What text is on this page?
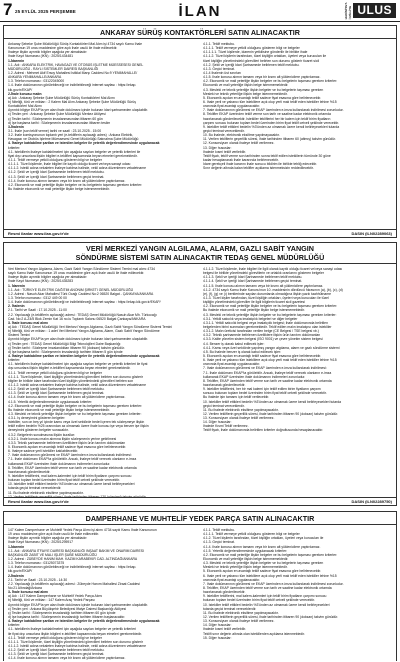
7 25 EYLÜL 2025 PERŞEMBE	İLAN	HAKİMİYET-İ MİLLİYE ULUS
ANKARAY SÜRÜŞ KONTAKTÖRLERİ SATIN ALINACAKTIR
Ankaray Şebeke Şube Müdürlüğü Sürüş Kontaktörleri Mal Alım işi 4734 sayılı Kamu İhale
Kanununun 19 uncu maddesine göre açık ihale usulü ile ihale edilecektir.
İhaleye ilişkin ayrıntılı bilgiler aşağıda yer almaktadır:
İhale Kayıt Numarası (İKN) : 2025/1434481
1-İdarenin
1.1. Adı : ANKARA ELEKTRİK, HAVAGAZI VE OTOBÜS İŞLETME MÜESSESESİ GENEL
MÜDÜRLÜĞÜ - RAYLI SİSTEMLER DAİRESİ BAŞKANLIĞI
1.2. Adresi : Mehmet Akif Ersoy Mahallesi İstiklal Marşı Caddesi No:9 YENİMAHALLE/
ANKARA YENİMAHALLE/ANKARA
1.3. Telefon numarası : 03122045000
1.4. İhale dokümanının görülebileceği ve indirilebileceği internet sayfası : https://ekap.
kik.gov.tr/EKAP/
2-İhale konusu malın
a) Adı : Ankaray Şebeke Şube Müdürlüğü Sürüş Kontaktörleri Mal Alımı
b) Niteliği, türü ve miktarı : 2 Kalem Mal Alım Ankaray Şebeke Şube Müdürlüğü Sürüş
Kontaktörleri Mal Alımı
Ayrıntılı bilgiye EKAP'ta yer alan ihale dokümanı içinde bulunan idari şartnameden ulaşılabilir.
c) Teslim yeri : Ankaray Şebeke Şube Müdürlüğü Merkez Atölyesi
ç) Teslim tarihi : Sözleşmenin imzalanmasından itibaren 60 gün
d) İşe başlama tarihi : Sözleşmenin imzalanmasından itibaren teslim
3-İhalenin
3.1. İhale (son teklif verme) tarihi ve saati : 23.10.2025 - 15:00
3.2. İhale komisyonunun toplantı yeri (e-tekliflerin açılacağı adres) : Ankara Elektrik,
Havagazı ve Otobüs İşletme Müessesesi Genel Müdürlüğü Satınalma Şube Müdürlüğü
4. İhaleye katılabilme şartları ve istenilen belgeler ile yeterlik değerlendirmesinde uygulanacak
kriterler:
4.1. İsteklilerin ihaleye katılabilmeleri için aşağıda sayılan belgeler ve yeterlik kriterleri ile
fiyat dışı unsurlara ilişkin bilgileri e-teklifleri kapsamında beyan etmeleri gerekmektedir.
4.1.1. Teklif vermeye yetkili olduğunu gösteren bilgi ve belgeler
4.1.1.1. Tüzel kişilerde, ihale bilgileri ile kayıtlı olduğu ticaret ve/veya sanayi odası
4.1.1.2. İstekli adına vekaleten ihaleye katılma halinde, vekil adına düzenlenen vekaletname
4.1.2. Şekli ve içeriği İdari Şartnamede belirlenen teklif mektubu.
4.1.3. Şekli ve içeriği İdari Şartnamede belirlenen geçici teminat.
4.1.4. İhale konusu alımın tamamı veya bir kısmı alt yüklenicilere yaptırılamaz.
4.2. Ekonomik ve mali yeterliğe ilişkin belgeler ve bu belgelerin taşıması gereken kriterler:
Bu ihalede ekonomik ve mali yeterliğe ilişkin belge istenmemektedir.
4.1.1. Teklif mektubu.
4.1.1.1. Teklif vermeye yetkili olduğunu gösteren bilgi ve belgeler
4.1.1.1.1. Tüzel kişilerde, idarenin yetkilisine gönderilir ile birlikte ihale
4.1.1.2. Tüzel kişilerin tarafından, tüzel kişiliğin ortakları, üyeleri veya kurucuları ile
tüzel kişiliğin yönetimindeki görevlileri belirten son durumu gösterir ticaret sicil
4.1.2. Şekli ve içeriği İdari Şartnamede belirlenen teklif mektubu.
4.1.3. Geçici teminat.
4.1.4 İhalenin üst sınırları
4.1.5. İhale konusu alımın tamamı veya bir kısmı alt yüklenicilere yaptırılamaz.
4.2. Ekonomik ve mali yeterliğe ilişkin belgeler ve bu belgelerin taşıması gereken kriterler:
Ekonomik ve mali yeterliğe ilişkin belge istenmemektedir.
4.3. Mesleki ve teknik yeterliğe ilişkin belgeler ve bu belgelerin taşıması gereken
Mesleki ve teknik yeterliğe ilişkin belge istenmemektedir.
5. Ekonomik açıdan en avantajlı teklif sadece fiyat esasına göre belirlenecektir.
6. İhale yerli ve yabancı tüm isteklilere açık olup yerli malı teklif eden istekliler lehine %15
oranında fiyat avantajı uygulanacaktır.
7. İhale dokümanının görülmesi ve EKAP üzerinden e-imza kullanılarak indirilmesi zorunludur.
8. Teklifler EKAP üzerinden teklif verme son tarih ve saatine kadar elektronik ortamda
hazırlanarak gönderilecektir. İstekliler tekliflerini her bir kalem için teklif birim fiyatların
çarpımı sonucu bulunan toplam bedel üzerinden birim fiyat teklif cetveli şeklinde verecektir.
9. İstekliler teklif ettikleri bedelin %3'ünden az olmamak üzere kendi belirleyecekleri tutarda
geçici teminat vereceklerdir.
10. Bu ihalede, elektronik eksiltme yapılmayacaktır.
11. Verilen tekliflerin geçerlilik süresi, ihale tarihinden itibaren 60 (altmış) takvim günüdür.
12. Konsorsiyum olarak ihaleye teklif verilemez.
13. Diğer hususlar:
İhalede kısmi teklif verilebilir.
Teklif fiyatı, teklif verme son tarihinden sonra teklif edilen isteklilerin tümünde 30 güne
kadar hesaplanarak ihale kararında belirlenecektir.
İdare gerekçeli ihale kararını ihale sonucu bildirim ile birlikte tebliğ edecektir.
Sınır değerin altında kalan teklifler açıklama istenmeksizin reddedilecektir.
Resmi ilanlar www.ilan.gov.tr'de	DASIN (ILN02289063)
VERİ MERKEZİ YANGIN ALGILAMA, ALARM, GAZLI SABİT YANGIN
SÖNDÜRME SİSTEMİ SATIN ALINACAKTIR TEDAŞ GENEL MÜDÜRLÜĞÜ
Veri Merkezi Yangın Algılama, Alarm, Gazlı Sabit Yangın Söndürme Sistemi Temini mal alımı 4734
sayılı Kamu İhale Kanununun 19 uncu maddesine göre açık ihale usulü ile ihale edilecektir.
İhaleye ilişkin ayrıntılı bilgiler aşağıda yer almaktadır:
İhale Kayıt Numarası (İKN) : 2025/1435283
1. İdarenin
1.1. Adı : TÜRKİYE ELEKTRİK DAĞITIM ANONİM ŞİRKETİ GENEL MÜDÜRLÜĞÜ
1.2. Adresi : Nasuh Akar Mahallesi Türk Ocağı Caddesi No:2 06520 Balgat - ÇANKAYA/ANKARA
1.3. Telefon numarası : 0312 449 00 00
1.4. İhale dokümanının görülebileceği ve indirilebileceği internet sayfası : https://ekap.kik.gov.tr/EKAP/
2. İhalenin
2.1. Tarihi ve Saati : 17.10.2025 - 11:00
2.2. Yapılacağı (e-tekliflerin açılacağı) adresi : TEDAŞ Genel Müdürlüğü Nasuh Akar Mh. Türkocağı
Cad. No:2 A-Z4/5 Blok Zemin Kat 16 no.lu Toplantı Salonu 06520 Balgat Çankaya/ANKARA
3. İhale konusu mal alımı
a) Adı : TEDAŞ Genel Müdürlüğü Veri Merkezi Yangın Algılama, Gazlı Sabit Yangın Söndürme Sistemi Temini
b) Niteliği, türü ve miktarı : 1 adet Veri Merkezi Yangın Algılama, Alarm, Gazlı Sabit Yangın Söndürme
Sistemi Temini
Ayrıntılı bilgiye EKAP'ta yer alan ihale dokümanı içinde bulunan idari şartnameden ulaşılabilir.
c) Teslim yeri : TEDAŞ Genel Müdürlüğü Bilgi Teknolojileri Daire Başkanlığı
ç) Teslim tarihi : Sözleşme imzalandıktan itibaren 90 (doksan) takvim günüdür.
d) İşe başlama tarihi : Sözleşmenin imzalandığı tarihten itibaren 5 gün içinde
4. İhaleye katılabilme şartları ve istenilen belgeler ile yeterlik değerlendirmesinde uygulanacak
kriterler:
4.1. İsteklilerin ihaleye katılabilmeleri için aşağıda sayılan belgeler ve yeterlik kriterleri ile fiyat
dışı unsurlara ilişkin bilgileri e-teklifleri kapsamında beyan etmeleri gerekmektedir.
4.1.1. Teklif vermeye yetkili olduğunu gösteren bilgi ve belgeler
4.1.1.1. Tüzel kişilerde, tüzel kişiliğin yönetimindeki görevlileri belirten son durumu gösterir
bilgiler ile birlikte idare tarafından tüzel kişiliğin yönetimindeki görevlileri belirten son
4.1.1.2. İstekli adına vekaleten ihaleye katılma halinde, vekil adına düzenlenen vekaletname
4.1.2. Şekli ve içeriği İdari Şartnamede belirlenen teklif mektubu.
4.1.3. Şekli ve içeriği İdari Şartnamede belirlenen geçici teminat.
4.1.4. İhale konusu alımın tamamı veya bir kısmı alt yüklenicilere yaptırılamaz.
4.1.5. Yeterlik değerlendirmesinde uygulanacak kriterler:
4.2. Ekonomik ve mali yeterliğe ilişkin belgeler ve bu belgelerin taşıması gereken kriterler:
Bu ihalede ekonomik ve mali yeterliğe ilişkin belge istenmemektedir.
4.3. Mesleki ve teknik yeterliğe ilişkin belgeler ve bu belgelerin taşıması gereken kriterler:
4.3.1. İş deneyimini gösteren belgeler:
İstekliler, son on beş yıl içinde kamu veya özel sektörde bedel içeren tek sözleşmeye ilişkin
teklif edilen bedelin %25 oranından az olmamak üzere ihale konusu işe veya benzer işe ilişkin
deneyimini gösteren belgeler sunacaktır.
4.3.2. Belgelerin sunulmasına ilişkin kurallar:
4.3.2.1. İhale konusu malın alımına ilişkin sözleşmenin yerine getirilmesi
4.3.3. Teknik şartnamede belirlenen özelliklere ilişkin ürün tanıtım dokümanları
5. Ekonomik açıdan en avantajlı teklif sadece fiyat esasına göre belirlenecektir.
6. İhaleye sadece yerli istekliler katılabilecektir.
7. İhale dokümanının görülmesi ve EKAP üzerinden e-imza kullanılarak indirilmesi:
7.1. İhale dokümanı EKAP'ta görülebilir. Ancak, ihaleye teklif verecek olanların e-imza
kullanarak EKAP üzerinden ihale dokümanını indirmeleri zorunludur.
8. Teklifler, EKAP üzerinden teklif verme son tarih ve saatine kadar elektronik ortamda
hazırlanarak gönderilecektir.
9. İstekliler tekliflerini, mal kalem-kalemleri için teklif birim fiyatların çarpımı sonucu
bulunan toplam bedel üzerinden birim fiyat teklif cetveli şeklinde verecektir.
10. İstekliler teklif ettikleri bedelin %3'ünden az olmamak üzere kendi belirleyecekleri
tutarda geçici teminat vereceklerdir.
11. Bu ihalede elektronik eksiltme yapılmayacaktır.
12. Verilen tekliflerin geçerlilik süresi, ihale tarihinden itibaren 120 (yüzyirmi) takvim günüdür.
4.1.1.2. Tüzel kişilerde, ihale bilgileri ile ilgili olarak kayıtlı olduğu ticaret ve/veya sanayi odası
belgesi ile birlikte yönetimdeki görevlilerin ve ortaklık oranlarını gösteren belgeler
4.1.1.3. Şekli ve içeriği İdari Şartnamede belirlenen teklif mektubu.
4.1.1.4. Şekli ve içeriği İdari Şartnamede belirlenen geçici teminat.
4.1.1.5. İhale konusu alımın tamamı veya bir kısmı alt yüklenicilere yaptırılamaz.
4.1.2. 4734 sayılı Kamu İhale Kanunu'nun 10. maddesinin dördüncü fıkrasının (a), (b), (c), (d)
(e), (f), (g) ve (ı) bentlerinde sayılan durumlarda olmadığına ilişkin yazılı taahhütname
4.1.3. Tüzel kişiler tarafından, tüzel kişiliğin ortakları, üyeleri veya kurucuları ile tüzel
kişiliğin yönetimindeki görevliler ile ilgili bilgilerin ticaret sicil gazetesi
4.2. Ekonomik ve mali yeterliğe ilişkin belgeler ve bu belgelerin taşıması gereken kriterler:
Bu ihalede ekonomik ve mali yeterliğe ilişkin belge istenmemektedir.
4.3. Mesleki ve teknik yeterliğe ilişkin belgeler ve bu belgelerin taşıması gereken kriterler:
4.3.1. Yetkili satıcılık veya imalatçılık belgeleri ve diğer belgeler
4.3.1.1. Yetkili satıcılık belgesi veya imalatçılık belgesi; ihale dokümanında belirtilen
belgelerden birini sunmaları gerekmektedir. Teklif edilen malın imalatçısı olan istekliler
4.3.1.2. Malın üreticisi tarafından verilen belge (CE Belgesi / TSE belgesi vb.)
4.3.2. Teknik şartnamede belirlenen özelliklere ilişkin ürün tanıtım dokümanları
4.3.3. Kalite yönetim sistem belgesi (ISO 9001) ve çevre yönetim sistem belgesi
4.4. Benzer iş olarak kabul edilecek işler:
4.4.1. Kamu veya özel sektörde yapılmış yangın algılama, alarm ve gazlı söndürme sistemi
4.5. Bu ihalede benzer iş olarak kabul edilecek işler:
5. Ekonomik açıdan en avantajlı teklif sadece fiyat esasına göre belirlenecektir.
6. İhale yerli ve yabancı tüm isteklilere açık olup yerli malı teklif eden istekliler lehine %15
oranında fiyat avantajı uygulanacaktır.
7. İhale dokümanının görülmesi ve EKAP üzerinden e-imza kullanılarak indirilmesi:
7.1. İhale dokümanı EKAP'ta görülebilir. Ancak, ihaleye teklif verecek olanların e-imza
kullanarak EKAP üzerinden ihale dokümanını indirmeleri zorunludur.
8. Teklifler, EKAP üzerinden teklif verme son tarih ve saatine kadar elektronik ortamda
hazırlanarak gönderilecektir.
9. İstekliler tekliflerini, her bir mal kalemi için teklif edilen birim fiyatların çarpımı
sonucu bulunan toplam bedel üzerinden birim fiyat teklif cetveli şeklinde verecektir.
Bu ihalede işin tamamı için teklif verilecektir.
10. İstekliler teklif ettikleri bedelin %3'ünden az olmamak üzere kendi belirleyecekleri tutarda
geçici teminat vereceklerdir.
11. Bu ihalede elektronik eksiltme yapılmayacaktır.
12. Verilen tekliflerin geçerlilik süresi, ihale tarihinden itibaren 90 (doksan) takvim günüdür.
13. Konsorsiyum olarak ihaleye teklif verilemez.
14. Diğer hususlar:
İhalede Kısmi Teklif verilemez.
Teklif fiyatı, ihale dokümanında belirtilen kriterler doğrultusunda hesaplanacaktır.
Resmi ilanlar www.ilan.gov.tr'de	DASIN (ILN02289750)
DAMPERHANE VE MUHTELİF YEDEK PARÇA SATIN ALINACAKTIR
147 Kalem Damperhane ve Muhtelif Yedek Parça Alımı işi alımı 4734 sayılı Kamu İhale Kanununun
19 uncu maddesine göre açık ihale usulü ile ihale edilecektir.
İhaleye ilişkin ayrıntılı bilgiler aşağıda yer almaktadır:
İhale Kayıt Numarası (İKN) : 2025/1295917
1-İdarenin
1.1. Adı : ANKARA İTFAİYE DAİRESİ BAŞKANLIĞI İNŞAAT BAKIM VE ONARIM DAİRESİ
BAŞKANLIĞI ZABIT VE MALİ İŞLER ŞUBE MÜDÜRLÜĞÜ
1.2. Adresi : ZÜBEYDE HANIM MAH. KAZIM KARABEKİR CAD. ALTINDAĞ/ANKARA
1.3. Telefon numarası : 03125073375
1.4. İhale dokümanının görülebileceği ve indirilebileceği internet sayfası : https://ekap.
kik.gov.tr/EKAP/
2-İhalenin
2.1. Tarihi ve Saati : 23.10.2025 - 14:30
2.2. Yapılacağı (e-tekliflerin açılacağı) adresi : Zübeyde Hanım Mahallesi Ziraat Caddesi
No:21 Altındağ/Ankara
3- İhale konusu mal alımı
a) Adı : 147 Kalem Damperhane ve Muhtelif Yedek Parça Alımı
b) Niteliği, türü ve miktarı : 147 Kalem Araç Yedek Parçası
Ayrıntılı bilgiye EKAP'ta yer alan ihale dokümanı içinde bulunan idari şartnameden ulaşılabilir.
c) Teslim yeri : Ankara Büyükşehir Belediyesi İtfaiye Dairesi Başkanlığı Atölyesi
ç) Teslim tarihi : Sözleşmenin imzalandığı tarihten itibaren 60 gün içinde
d) İşe başlama tarihi : Sözleşmenin imzalandığı tarihten itibaren başlanacaktır.
4. İhaleye katılabilme şartları ve istenilen belgeler ile yeterlik değerlendirmesinde uygulanacak
kriterler:
4.1. İsteklilerin ihaleye katılabilmeleri için aşağıda sayılan belgeler ve yeterlik kriterleri
ile fiyat dışı unsurlara ilişkin bilgileri e-teklifleri kapsamında beyan etmeleri gerekmektedir.
4.1.1. Teklif vermeye yetkili olduğunu gösteren bilgi ve belgeler
4.1.1.1. Tüzel kişilerde, tüzel kişiliğin yönetimindeki görevlileri belirten son durumu gösterir
4.1.1.2. İstekli adına vekaleten ihaleye katılma halinde, vekil adına düzenlenen vekaletname
4.1.2. Şekli ve içeriği İdari Şartnamede belirlenen teklif mektubu.
4.1.3. Şekli ve içeriği İdari Şartnamede belirlenen geçici teminat.
4.1.4. İhale konusu alımın tamamı veya bir kısmı alt yüklenicilere yaptırılamaz.
4.1.1. Teklif mektubu.
4.1.1.1. Teklif vermeye yetkili olduğunu gösteren bilgi ve belgeler
4.1.2. Tüzel kişilerin tarafından, tüzel kişiliğin ortakları, üyeleri veya kurucuları ile
4.1.3. Geçici teminat.
4.1.4. İhale konusu alımın tamamı veya bir kısmı alt yüklenicilere yaptırılamaz.
4.1.5. Yeterlik değerlendirmesinde uygulanacak kriterler:
4.2. Ekonomik ve mali yeterliğe ilişkin belgeler ve bu belgelerin taşıması gereken kriterler:
Ekonomik ve mali yeterliğe ilişkin belge istenmemektedir.
4.3. Mesleki ve teknik yeterliğe ilişkin belgeler ve bu belgelerin taşıması gereken
Mesleki ve teknik yeterliğe ilişkin belge istenmemektedir.
5. Ekonomik açıdan en avantajlı teklif sadece fiyat esasına göre belirlenecektir.
6. İhale yerli ve yabancı tüm isteklilere açık olup yerli malı teklif eden istekliler lehine %15
oranında fiyat avantajı uygulanacaktır.
7. İhale dokümanının görülmesi ve EKAP üzerinden e-imza kullanılarak indirilmesi zorunludur.
8. Teklifler, EKAP üzerinden teklif verme son tarih ve saatine kadar elektronik ortamda
hazırlanarak gönderilecektir.
9. İstekliler tekliflerini, mal kalem-kalemleri için teklif birim fiyatların çarpımı sonucu
bulunan toplam bedel üzerinden birim fiyat teklif cetveli şeklinde verecektir.
10. İstekliler teklif ettikleri bedelin %3'ünden az olmamak üzere kendi belirleyecekleri
tutarda geçici teminat vereceklerdir.
11. Bu ihalede elektronik eksiltme yapılmayacaktır.
12. Verilen tekliflerin geçerlilik süresi, ihale tarihinden itibaren 90 (doksan) takvim günüdür.
13. Konsorsiyum olarak ihaleye teklif verilemez.
14. Diğer hususlar:
İhalede kısmi teklif verilebilir.
Teklifi sınır değerin altında olan isteklilerden açıklama istenmektedir.
15. Diğer hususlar:
